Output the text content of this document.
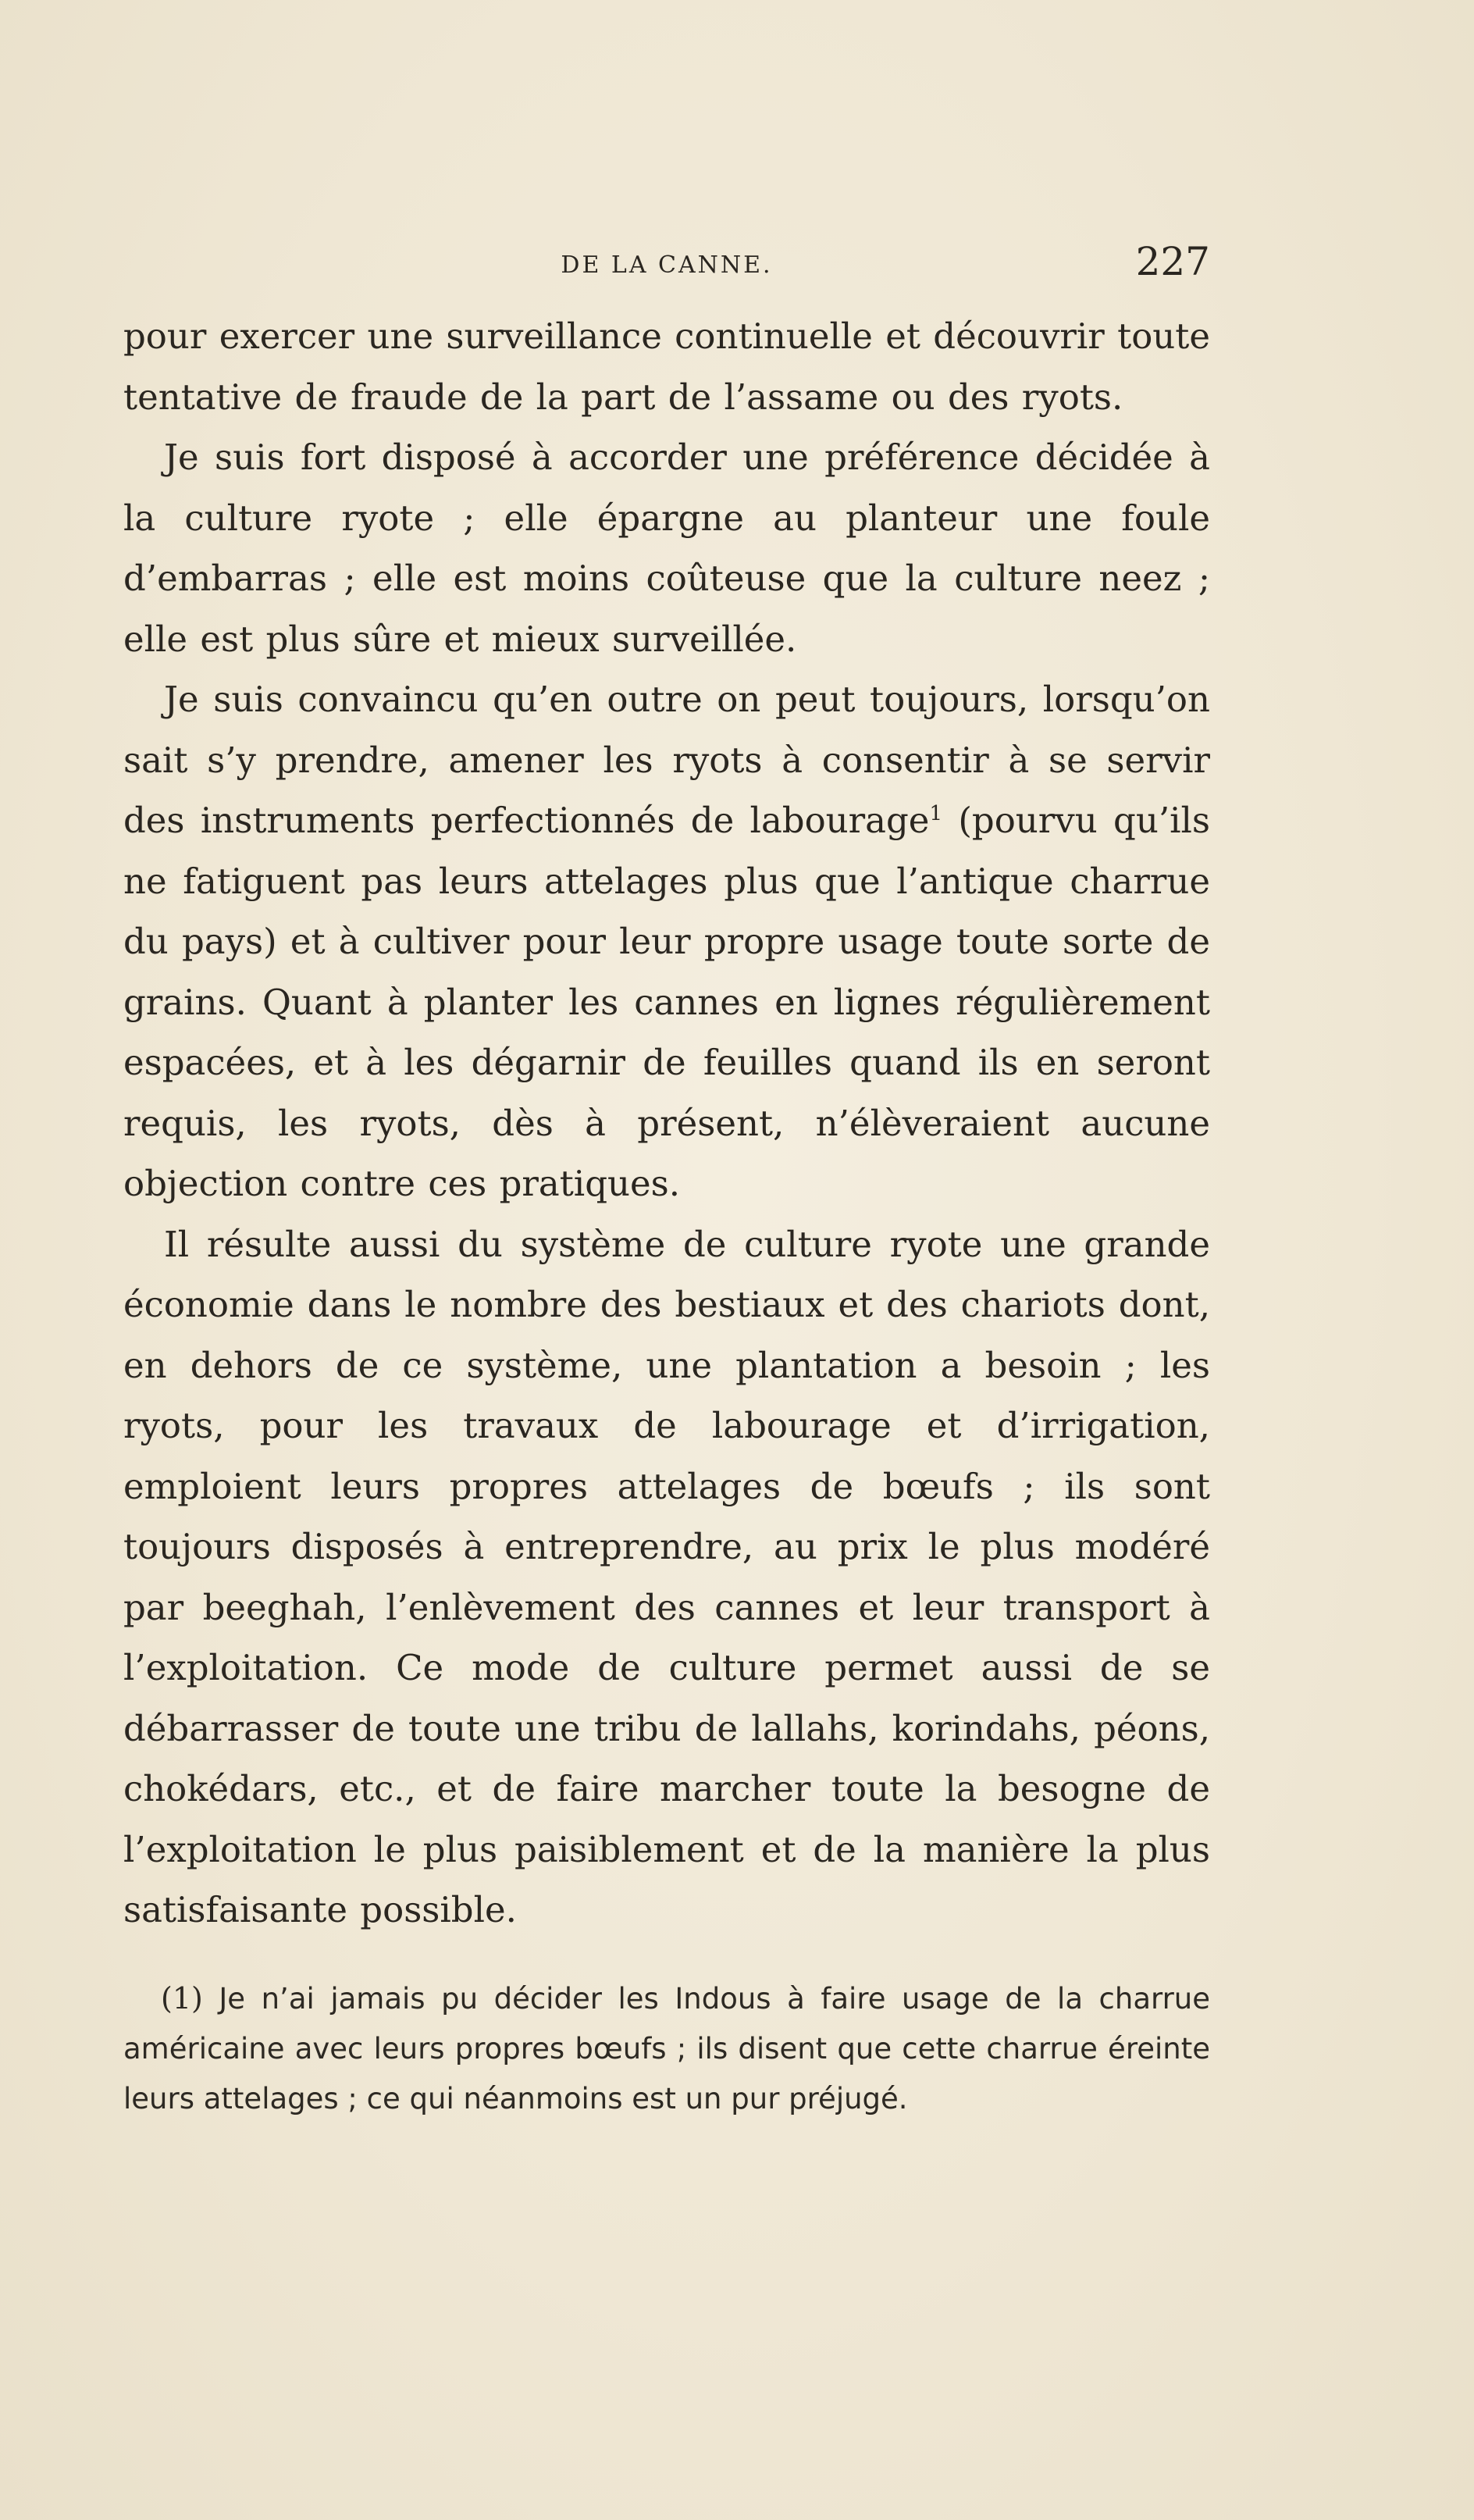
DE LA CANNE.	227

pour exercer une surveillance continuelle et découvrir toute tentative de fraude de la part de l’assame ou des ryots.

Je suis fort disposé à accorder une préférence décidée à la culture ryote ; elle épargne au planteur une foule d’embarras ; elle est moins coûteuse que la culture neez ; elle est plus sûre et mieux surveillée.

Je suis convaincu qu’en outre on peut toujours, lorsqu’on sait s’y prendre, amener les ryots à consentir à se servir des instruments perfectionnés de labourage$^1$ (pourvu qu’ils ne fatiguent pas leurs attelages plus que l’antique charrue du pays) et à cultiver pour leur propre usage toute sorte de grains. Quant à planter les cannes en lignes régulièrement espacées, et à les dégarnir de feuilles quand ils en seront requis, les ryots, dès à présent, n’élèveraient aucune objection contre ces pratiques.

Il résulte aussi du système de culture ryote une grande économie dans le nombre des bestiaux et des chariots dont, en dehors de ce système, une plantation a besoin ; les ryots, pour les travaux de labourage et d’irrigation, emploient leurs propres attelages de bœufs ; ils sont toujours disposés à entreprendre, au prix le plus modéré par beeghah, l’enlèvement des cannes et leur transport à l’exploitation. Ce mode de culture permet aussi de se débarrasser de toute une tribu de lallahs, korindahs, péons, chokédars, etc., et de faire marcher toute la besogne de l’exploitation le plus paisiblement et de la manière la plus satisfaisante possible.

(1) Je n’ai jamais pu décider les Indous à faire usage de la charrue américaine avec leurs propres bœufs ; ils disent que cette charrue éreinte leurs attelages ; ce qui néanmoins est un pur préjugé.
